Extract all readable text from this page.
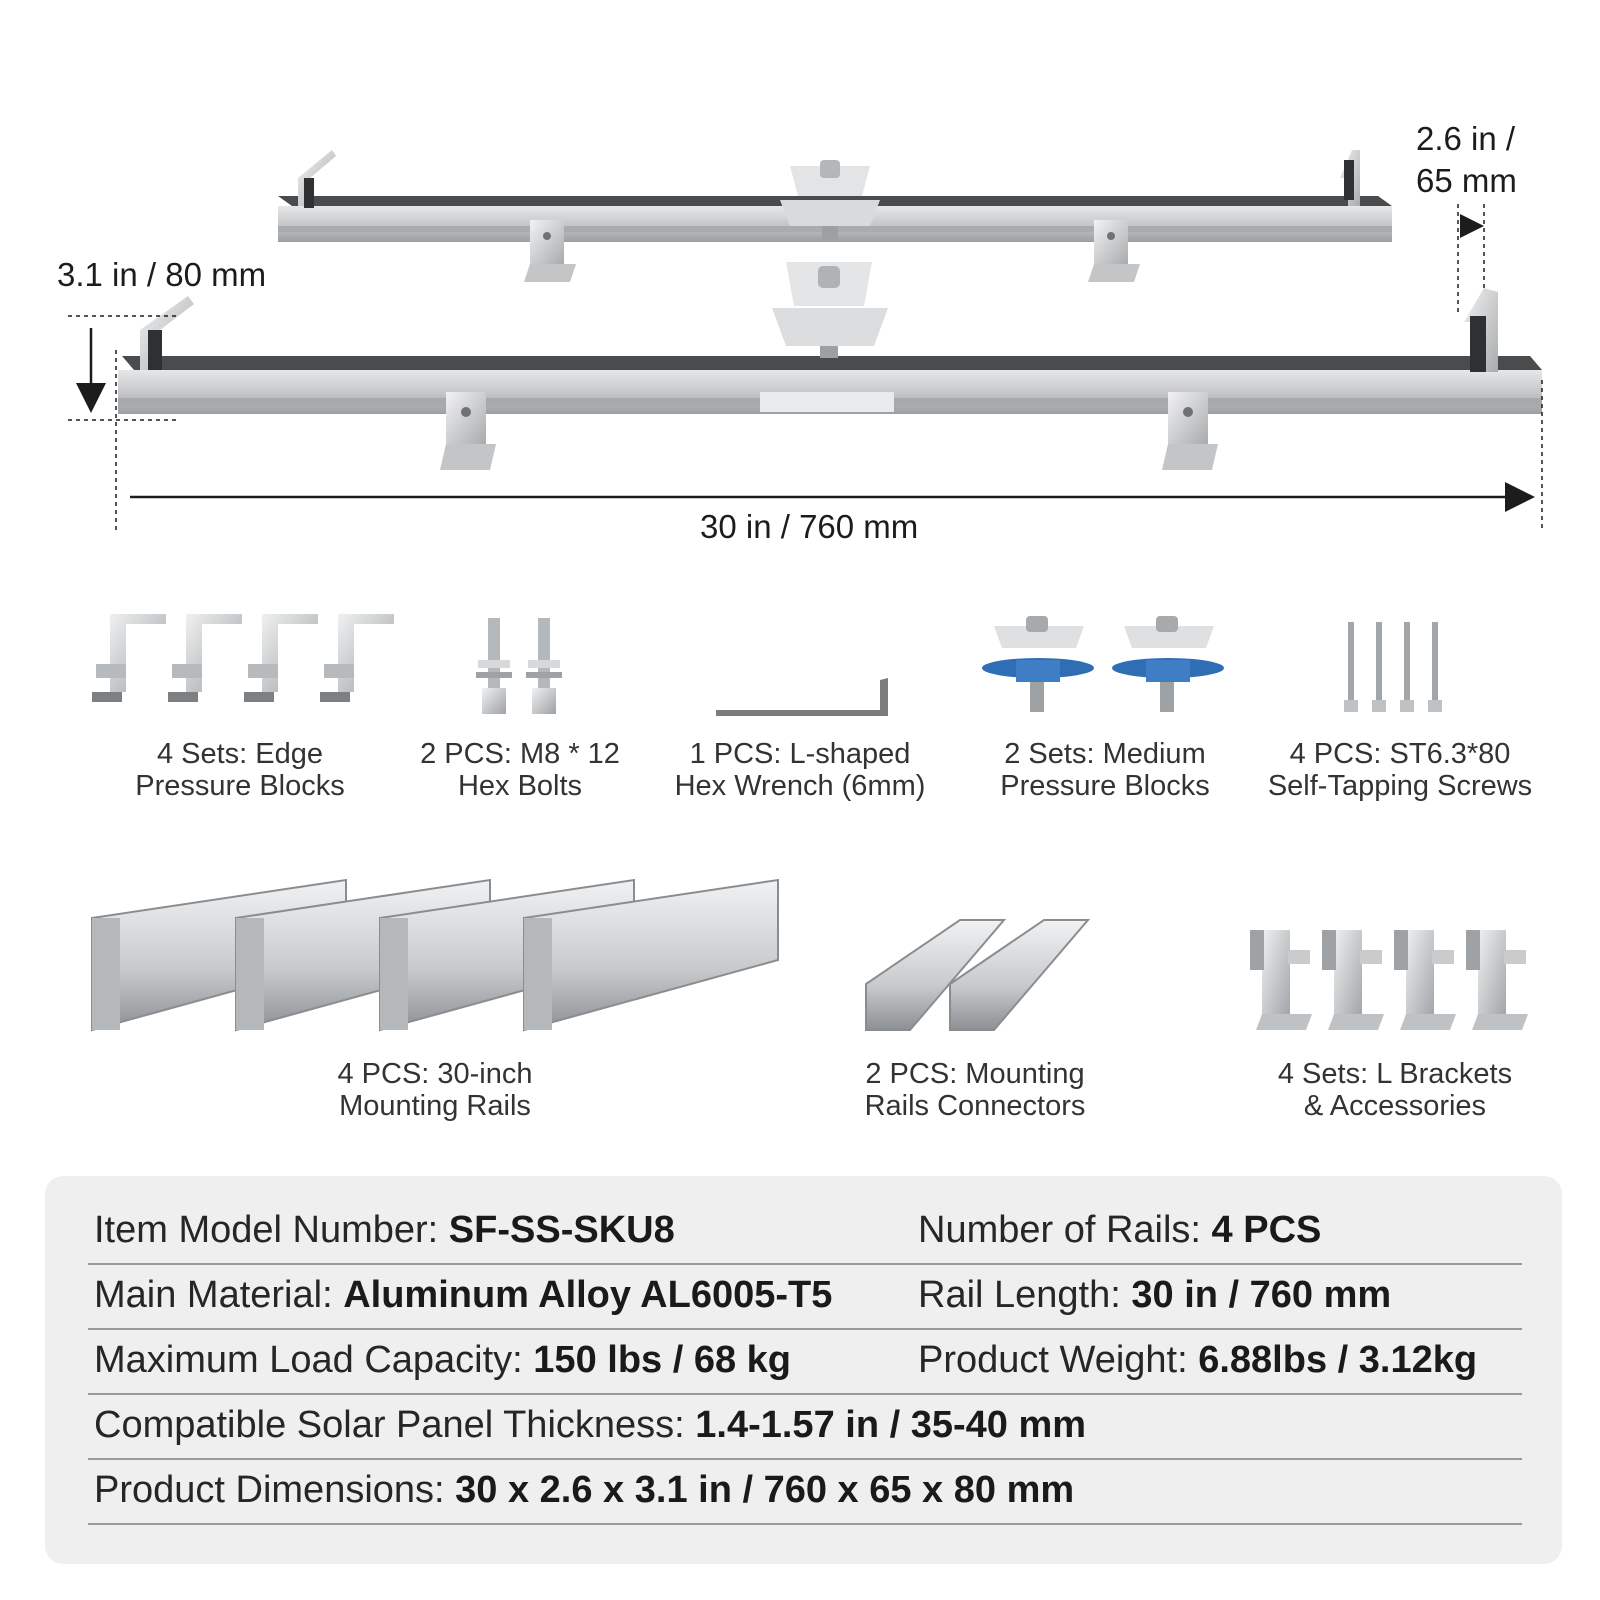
30 in / 760 mm
3.1 in / 80 mm
2.6 in /
65 mm
4 Sets: Edge
Pressure Blocks
2 PCS: M8 * 12
Hex Bolts
1 PCS: L-shaped
Hex Wrench (6mm)
2 Sets: Medium
Pressure Blocks
4 PCS: ST6.3*80
Self-Tapping Screws
4 PCS: 30-inch
Mounting Rails
2 PCS: Mounting
Rails Connectors
4 Sets: L Brackets
& Accessories
Item Model Number: SF-SS-SKU8	Number of Rails: 4 PCS
Main Material: Aluminum Alloy AL6005-T5 Rail Length: 30 in / 760 mm
Maximum Load Capacity: 150 lbs / 68 kg	Product Weight: 6.88lbs / 3.12kg
Compatible Solar Panel Thickness: 1.4-1.57 in / 35-40 mm
Product Dimensions: 30 x 2.6 x 3.1 in / 760 x 65 x 80 mm
